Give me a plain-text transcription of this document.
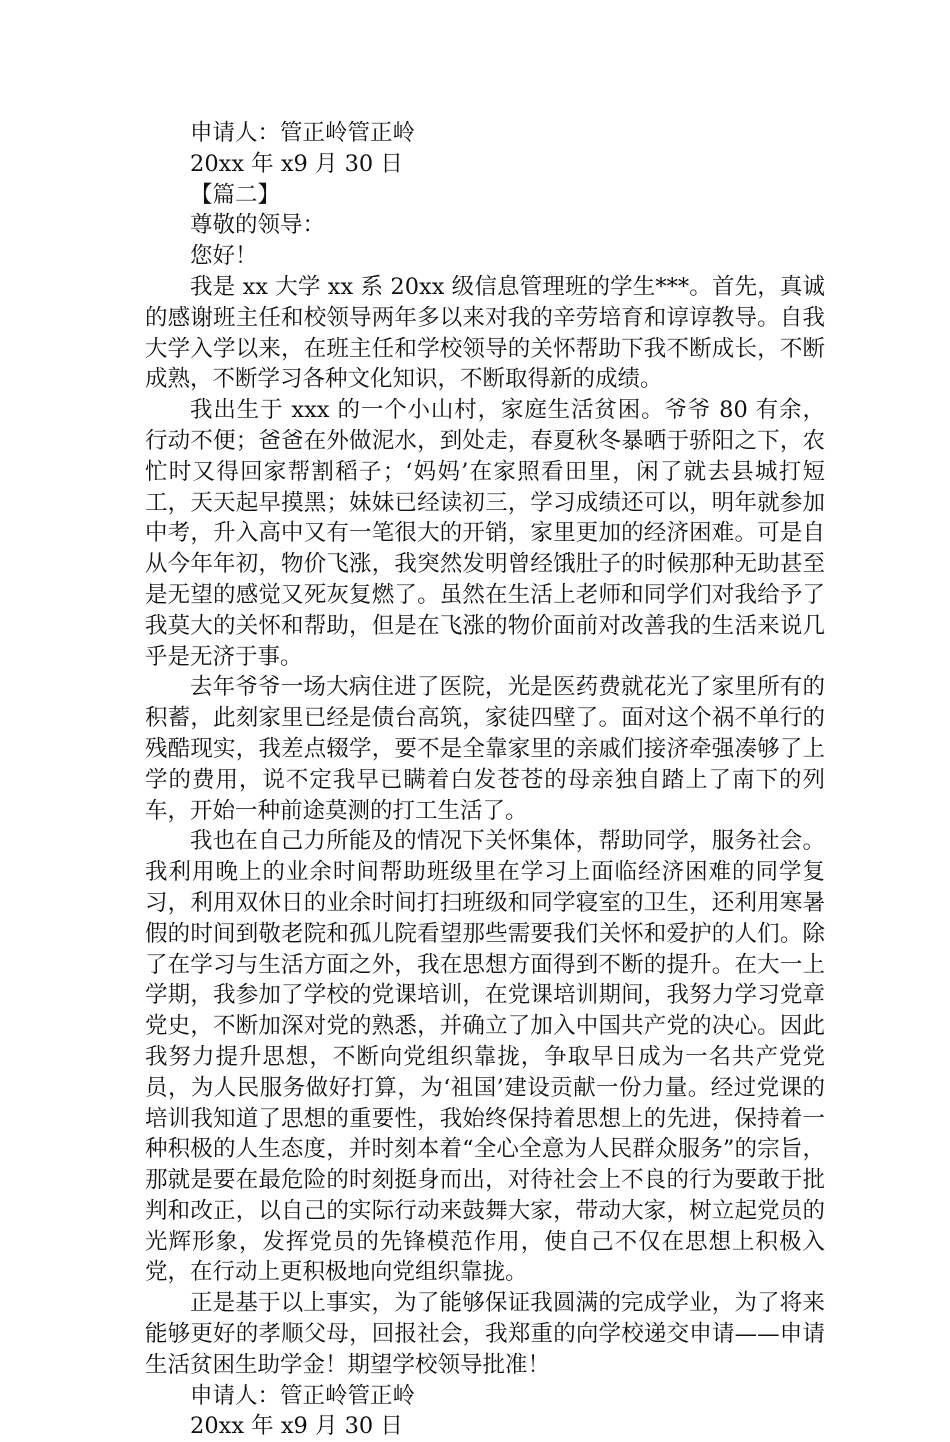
申请人：管正岭管正岭
20xx 年 x9 月 30 日
【篇二】
尊敬的领导：
您好！

我是 xx 大学 xx 系 20xx 级信息管理班的学生***。首先，真诚的感谢班主任和校领导两年多以来对我的辛劳培育和谆谆教导。自我大学入学以来，在班主任和学校领导的关怀帮助下我不断成长，不断成熟，不断学习各种文化知识，不断取得新的成绩。

我出生于 xxx 的一个小山村，家庭生活贫困。爷爷 80 有余，行动不便；爸爸在外做泥水，到处走，春夏秋冬暴晒于骄阳之下，农忙时又得回家帮割稻子；‘妈妈’在家照看田里，闲了就去县城打短工，天天起早摸黑；妹妹已经读初三，学习成绩还可以，明年就参加中考，升入高中又有一笔很大的开销，家里更加的经济困难。可是自从今年年初，物价飞涨，我突然发明曾经饿肚子的时候那种无助甚至是无望的感觉又死灰复燃了。虽然在生活上老师和同学们对我给予了我莫大的关怀和帮助，但是在飞涨的物价面前对改善我的生活来说几乎是无济于事。

去年爷爷一场大病住进了医院，光是医药费就花光了家里所有的积蓄，此刻家里已经是债台高筑，家徒四壁了。面对这个祸不单行的残酷现实，我差点辍学，要不是全靠家里的亲戚们接济牵强凑够了上学的费用，说不定我早已瞒着白发苍苍的母亲独自踏上了南下的列车，开始一种前途莫测的打工生活了。

我也在自己力所能及的情况下关怀集体，帮助同学，服务社会。我利用晚上的业余时间帮助班级里在学习上面临经济困难的同学复习，利用双休日的业余时间打扫班级和同学寝室的卫生，还利用寒暑假的时间到敬老院和孤儿院看望那些需要我们关怀和爱护的人们。除了在学习与生活方面之外，我在思想方面得到不断的提升。在大一上学期，我参加了学校的党课培训，在党课培训期间，我努力学习党章党史，不断加深对党的熟悉，并确立了加入中国共产党的决心。因此我努力提升思想，不断向党组织靠拢，争取早日成为一名共产党党员，为人民服务做好打算，为‘祖国’建设贡献一份力量。经过党课的培训我知道了思想的重要性，我始终保持着思想上的先进，保持着一种积极的人生态度，并时刻本着“全心全意为人民群众服务”的宗旨，那就是要在最危险的时刻挺身而出，对待社会上不良的行为要敢于批判和改正，以自己的实际行动来鼓舞大家，带动大家，树立起党员的光辉形象，发挥党员的先锋模范作用，使自己不仅在思想上积极入党，在行动上更积极地向党组织靠拢。

正是基于以上事实，为了能够保证我圆满的完成学业，为了将来能够更好的孝顺父母，回报社会，我郑重的向学校递交申请——申请生活贫困生助学金！期望学校领导批准！

申请人：管正岭管正岭
20xx 年 x9 月 30 日
